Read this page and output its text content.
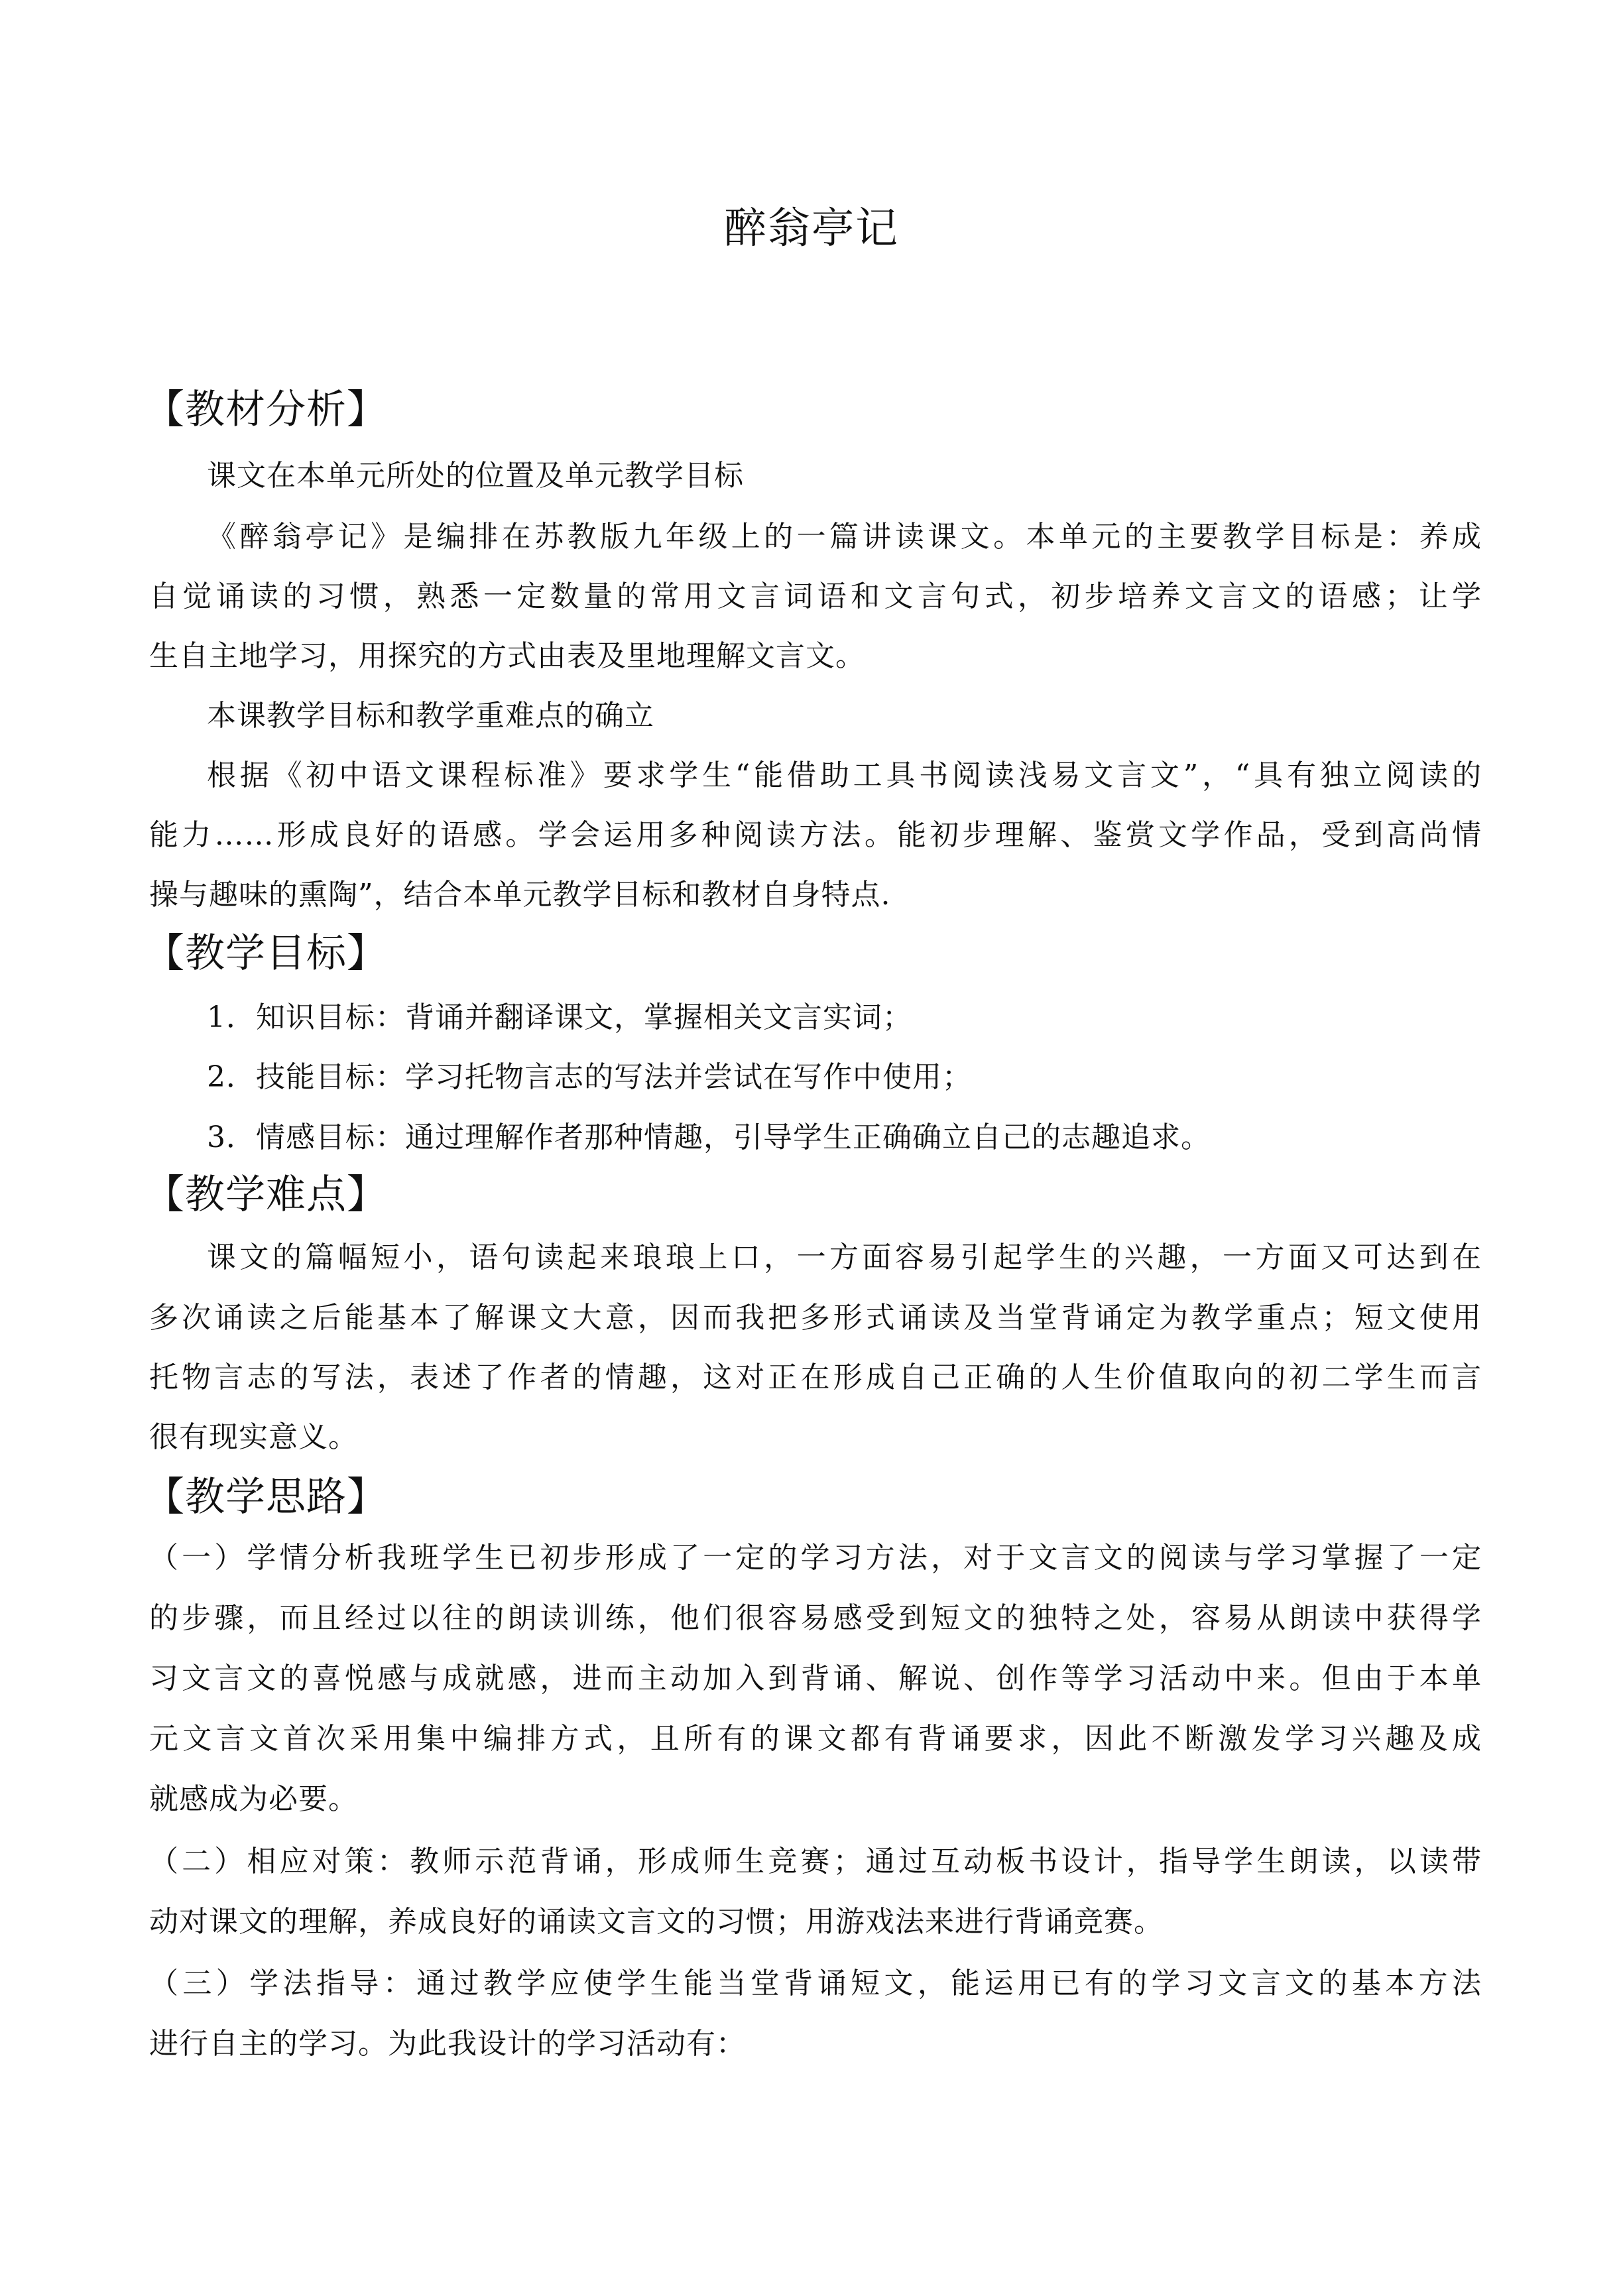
醉翁亭记
【教材分析】
课文在本单元所处的位置及单元教学目标
《醉翁亭记》是编排在苏教版九年级上的一篇讲读课文。本单元的主要教学目标是：养成
自觉诵读的习惯，熟悉一定数量的常用文言词语和文言句式，初步培养文言文的语感；让学
生自主地学习，用探究的方式由表及里地理解文言文。
本课教学目标和教学重难点的确立
根据《初中语文课程标准》要求学生“能借助工具书阅读浅易文言文”，“具有独立阅读的
能力……形成良好的语感。学会运用多种阅读方法。能初步理解、鉴赏文学作品，受到高尚情
操与趣味的熏陶”，结合本单元教学目标和教材自身特点.
【教学目标】
1．知识目标：背诵并翻译课文，掌握相关文言实词；
2．技能目标：学习托物言志的写法并尝试在写作中使用；
3．情感目标：通过理解作者那种情趣，引导学生正确确立自己的志趣追求。
【教学难点】
课文的篇幅短小，语句读起来琅琅上口，一方面容易引起学生的兴趣，一方面又可达到在
多次诵读之后能基本了解课文大意，因而我把多形式诵读及当堂背诵定为教学重点；短文使用
托物言志的写法，表述了作者的情趣，这对正在形成自己正确的人生价值取向的初二学生而言
很有现实意义。
【教学思路】
（一）学情分析我班学生已初步形成了一定的学习方法，对于文言文的阅读与学习掌握了一定
的步骤，而且经过以往的朗读训练，他们很容易感受到短文的独特之处，容易从朗读中获得学
习文言文的喜悦感与成就感，进而主动加入到背诵、解说、创作等学习活动中来。但由于本单
元文言文首次采用集中编排方式，且所有的课文都有背诵要求，因此不断激发学习兴趣及成
就感成为必要。
（二）相应对策：教师示范背诵，形成师生竞赛；通过互动板书设计，指导学生朗读，以读带
动对课文的理解，养成良好的诵读文言文的习惯；用游戏法来进行背诵竞赛。
（三）学法指导：通过教学应使学生能当堂背诵短文，能运用已有的学习文言文的基本方法
进行自主的学习。为此我设计的学习活动有：
